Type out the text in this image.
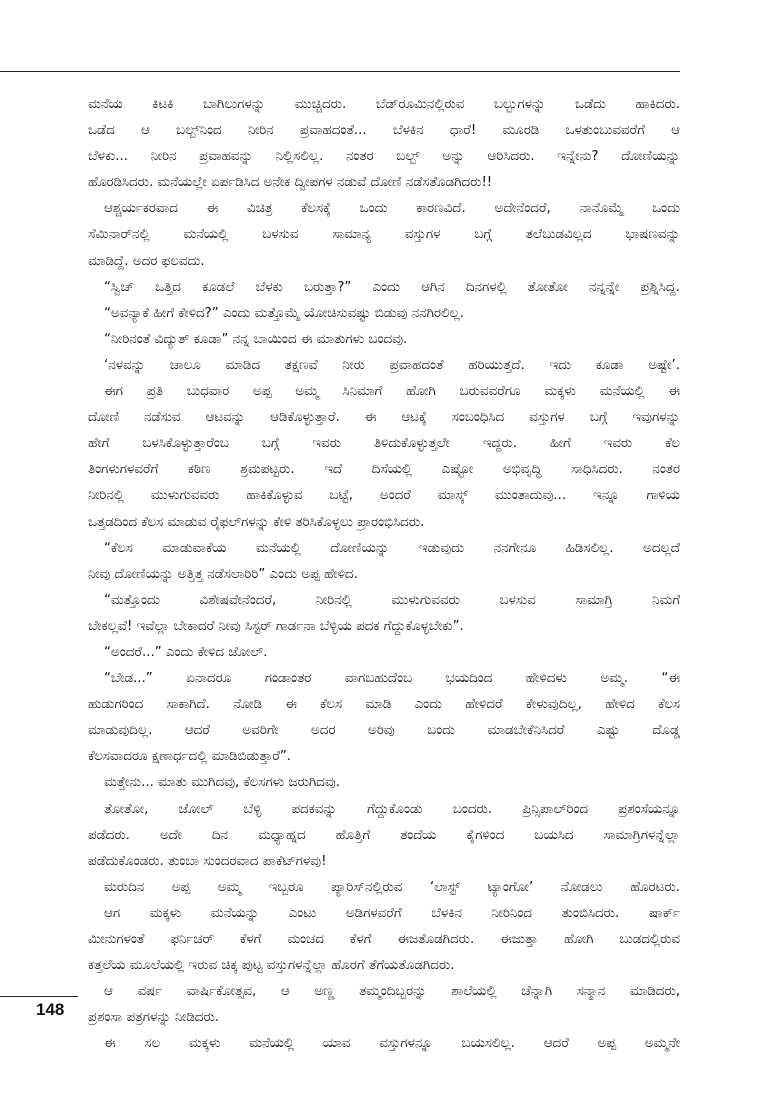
ಮನೆಯ ಕಿಟಕಿ ಬಾಗಿಲುಗಳನ್ನು ಮುಚ್ಚಿದರು. ಬೆಡ್‌ರೂಮಿನಲ್ಲಿರುವ ಬಲ್ಬುಗಳನ್ನು ಒಡೆದು ಹಾಕಿದರು.

ಒಡೆದ ಆ ಬಲ್ಬ್‌ನಿಂದ ನೀರಿನ ಪ್ರವಾಹದಂತೆ... ಬೆಳಕಿನ ಧಾರೆ! ಮೂರಡಿ ಒಳತುಂಬುವವರೆಗೆ ಆ

ಬೆಳಕು... ನೀರಿನ ಪ್ರವಾಹವನ್ನು ನಿಲ್ಲಿಸಲಿಲ್ಲ. ನಂತರ ಬಲ್ಬ್ ಅನ್ನು ಆರಿಸಿದರು. ಇನ್ನೇನು? ದೋಣಿಯನ್ನು

ಹೊರಡಿಸಿದರು. ಮನೆಯಲ್ಲೇ ಏರ್ಪಡಿಸಿದ ಅನೇಕ ದ್ವೀಪಗಳ ನಡುವೆ ದೋಣಿ ನಡೆಸತೊಡಗಿದರು!!

ಆಶ್ಚರ್ಯಕರವಾದ ಈ ವಿಚಿತ್ರ ಕೆಲಸಕ್ಕೆ ಒಂದು ಕಾರಣವಿದೆ. ಅದೇನೆಂದರೆ, ನಾನೊಮ್ಮೆ ಒಂದು

ಸೆಮಿನಾರ್‌ನಲ್ಲಿ ಮನೆಯಲ್ಲಿ ಬಳಸುವ ಸಾಮಾನ್ಯ ವಸ್ತುಗಳ ಬಗ್ಗೆ ತಲೆಬುಡವಿಲ್ಲದ ಭಾಷಣವನ್ನು

ಮಾಡಿದ್ದೆ. ಅದರ ಫಲವದು.

“ಸ್ವಿಚ್ ಒತ್ತಿದ ಕೂಡಲೆ ಬೆಳಕು ಬರುತ್ತಾ?” ಎಂದು ಆಗಿನ ದಿನಗಳಲ್ಲಿ ತೋತೋ ನನ್ನನ್ನೇ ಪ್ರಶ್ನಿಸಿದ್ದ.

“ಅವನ್ಯಾಕೆ ಹೀಗೆ ಕೇಳಿದ?” ಎಂದು ಮತ್ತೊಮ್ಮೆ ಯೋಚಿಸುವಷ್ಟು ಬಿಡುವು ನನಗಿರಲಿಲ್ಲ.

“ನೀರಿನಂತೆ ವಿದ್ಯುತ್ ಕೂಡಾ” ನನ್ನ ಬಾಯಿಂದ ಈ ಮಾತುಗಳು ಬಂದವು.

‘ನಳವನ್ನು ಚಾಲೂ ಮಾಡಿದ ತಕ್ಷಣವೆ ನೀರು ಪ್ರವಾಹದಂತೆ ಹರಿಯುತ್ತದೆ. ಇದು ಕೂಡಾ ಅಷ್ಟೇ’.

ಈಗ ಪ್ರತಿ ಬುಧವಾರ ಅಪ್ಪ ಅಮ್ಮ ಸಿನಿಮಾಗೆ ಹೋಗಿ ಬರುವವರೆಗೂ ಮಕ್ಕಳು ಮನೆಯಲ್ಲಿ ಈ

ದೋಣಿ ನಡೆಸುವ ಆಟವನ್ನು ಆಡಿಕೊಳ್ಳುತ್ತಾರೆ. ಈ ಆಟಕ್ಕೆ ಸಂಬಂಧಿಸಿದ ವಸ್ತುಗಳ ಬಗ್ಗೆ ಇವುಗಳನ್ನು

ಹೇಗೆ ಬಳಸಿಕೊಳ್ಳುತ್ತಾರೆಂಬ ಬಗ್ಗೆ ಇವರು ತಿಳಿದುಕೊಳ್ಳುತ್ತಲೇ ಇದ್ದರು. ಹೀಗೆ ಇವರು ಕೆಲ

ತಿಂಗಳುಗಳವರೆಗೆ ಕಠಿಣ ಶ್ರಮಪಟ್ಟರು. ಇದೆ ದಿಸೆಯಲ್ಲಿ ಎಷ್ಟೋ ಅಭಿವೃದ್ಧಿ ಸಾಧಿಸಿದರು. ನಂತರ

ನೀರಿನಲ್ಲಿ ಮುಳುಗುವವರು ಹಾಕಿಕೊಳ್ಳುವ ಬಟ್ಟೆ, ಅಂದರೆ ಮಾಸ್ಕ್ ಮುಂತಾದುವು... ಇನ್ನೂ ಗಾಳಿಯ

ಒತ್ತಡದಿಂದ ಕೆಲಸ ಮಾಡುವ ರೈಫಲ್‌ಗಳನ್ನು ಕೇಳಿ ತರಿಸಿಕೊಳ್ಳಲು ಪ್ರಾರಂಭಿಸಿದರು.

“ಕೆಲಸ ಮಾಡುವಾಕೆಯ ಮನೆಯಲ್ಲಿ ದೋಣಿಯನ್ನು ಇಡುವುದು ನನಗೇನೂ ಹಿಡಿಸಲಿಲ್ಲ. ಅದಲ್ಲದೆ

ನೀವು ದೋಣಿಯನ್ನು ಅತ್ತಿತ್ತ ನಡೆಸಲಾರಿರಿ” ಎಂದು ಅಪ್ಪ ಹೇಳಿದ.

“ಮತ್ತೊಂದು ವಿಶೇಷವೇನೆಂದರೆ, ನೀರಿನಲ್ಲಿ ಮುಳುಗುವವರು ಬಳಸುವ ಸಾಮಾಗ್ರಿ ನಿಮಗೆ

ಬೇಕಲ್ಲವೆ! ಇವೆಲ್ಲಾ ಬೇಕಾದರೆ ನೀವು ಸಿಸ್ಟರ್ ಗಾರ್ಡನಾ ಬೆಳ್ಳಿಯ ಪದಕ ಗೆದ್ದುಕೊಳ್ಳಬೇಕು”.

“ಅಂದರೆ...” ಎಂದು ಕೇಳಿದ ಜೋಲ್.

“ಬೇಡ...” ಏನಾದರೂ ಗಂಡಾಂತರ ವಾಗಬಹುದೆಂಬ ಭಯದಿಂದ ಹೇಳಿದಳು ಅಮ್ಮ. “ಈ

ಹುಡುಗರಿಂದ ಸಾಕಾಗಿದೆ. ನೋಡಿ ಈ ಕೆಲಸ ಮಾಡಿ ಎಂದು ಹೇಳಿದರೆ ಕೇಳುವುದಿಲ್ಲ, ಹೇಳಿದ ಕೆಲಸ

ಮಾಡುವುದಿಲ್ಲ. ಆದರೆ ಅವರಿಗೇ ಅದರ ಅರಿವು ಬಂದು ಮಾಡಬೇಕೆನಿಸಿದರೆ ಎಷ್ಟು ದೊಡ್ಡ

ಕೆಲಸವಾದರೂ ಕ್ಷಣಾರ್ಧದಲ್ಲಿ ಮಾಡಿಬಿಡುತ್ತಾರೆ”.

ಮತ್ತೇನು... ಮಾತು ಮುಗಿದವು, ಕೆಲಸಗಳು ಜರುಗಿದವು.

ತೋತೋ, ಜೋಲ್ ಬೆಳ್ಳಿ ಪದಕವನ್ನು ಗೆದ್ದುಕೊಂಡು ಬಂದರು. ಪ್ರಿನ್ಸಿಪಾಲ್‌ರಿಂದ ಪ್ರಶಂಸೆಯನ್ನೂ

ಪಡೆದರು. ಅದೇ ದಿನ ಮಧ್ಯಾಹ್ನದ ಹೊತ್ತಿಗೆ ತಂದೆಯ ಕೈಗಳಿಂದ ಬಯಸಿದ ಸಾಮಾಗ್ರಿಗಳನ್ನೆಲ್ಲಾ

ಪಡೆದುಕೊಂಡರು. ತುಂಬಾ ಸುಂದರವಾದ ಪಾಕೆಟ್‌ಗಳವು!

ಮರುದಿನ ಅಪ್ಪ ಅಮ್ಮ ಇಬ್ಬರೂ ಪ್ಯಾರಿಸ್‌ನಲ್ಲಿರುವ ‘ಲಾಸ್ಟ್ ಟ್ಯಾಂಗೋ’ ನೋಡಲು ಹೊರಟರು.

ಆಗ ಮಕ್ಕಳು ಮನೆಯನ್ನು ಎಂಟು ಅಡಿಗಳವರೆಗೆ ಬೆಳಕಿನ ನೀರಿನಿಂದ ತುಂಬಿಸಿದರು. ಷಾರ್ಕ್

ಮೀನುಗಳಂತೆ ಫರ್ನಿಚರ್ ಕೆಳಗೆ ಮಂಚದ ಕೆಳಗೆ ಈಜತೊಡಗಿದರು. ಈಜುತ್ತಾ ಹೋಗಿ ಬುಡದಲ್ಲಿರುವ

ಕತ್ತಲೆಯ ಮೂಲೆಯಲ್ಲಿ ಇರುವ ಚಿಕ್ಕ ಪುಟ್ಟ ವಸ್ತುಗಳನ್ನೆಲ್ಲಾ ಹೊರಗೆ ತೆಗೆಯತೊಡಗಿದರು.

ಆ ವರ್ಷ ವಾರ್ಷಿಕೋತ್ಸವ, ಆ ಅಣ್ಣ ತಮ್ಮಂದಿಬ್ಬರನ್ನು ಶಾಲೆಯಲ್ಲಿ ಚೆನ್ನಾಗಿ ಸನ್ಮಾನ ಮಾಡಿದರು,

ಪ್ರಶಂಸಾ ಪತ್ರಗಳನ್ನು ನೀಡಿದರು.

ಈ ಸಲ ಮಕ್ಕಳು ಮನೆಯಲ್ಲಿ ಯಾವ ವಸ್ತುಗಳನ್ನೂ ಬಯಸಲಿಲ್ಲ. ಆದರೆ ಅಪ್ಪ ಅಮ್ಮನೇ

148
